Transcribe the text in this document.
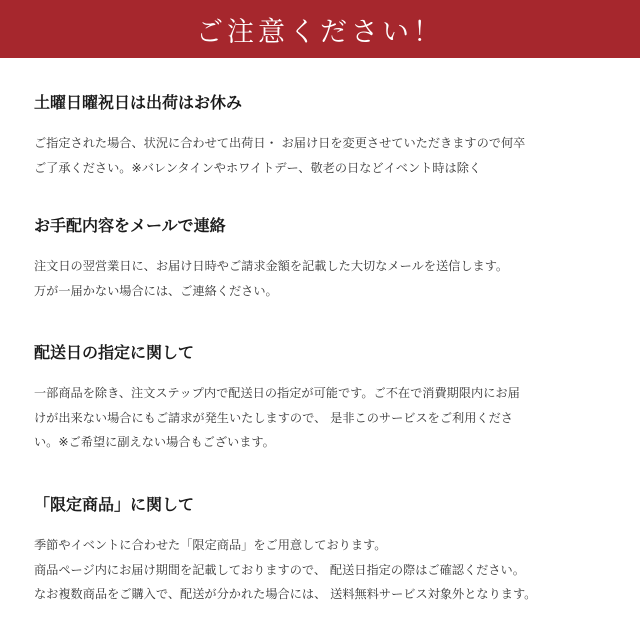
ご注意ください！
土曜日曜祝日は出荷はお休み
ご指定された場合、状況に合わせて出荷日・ お届け日を変更させていただきますので何卒
ご了承ください。※バレンタインやホワイトデー、敬老の日などイベント時は除く
お手配内容をメールで連絡
注文日の翌営業日に、お届け日時やご請求金額を記載した大切なメールを送信します。
万が一届かない場合には、ご連絡ください。
配送日の指定に関して
一部商品を除き、注文ステップ内で配送日の指定が可能です。ご不在で消費期限内にお届
けが出来ない場合にもご請求が発生いたしますので、 是非このサービスをご利用くださ
い。※ご希望に副えない場合もございます。
「限定商品」に関して
季節やイベントに合わせた「限定商品」をご用意しております。
商品ページ内にお届け期間を記載しておりますので、 配送日指定の際はご確認ください。
なお複数商品をご購入で、配送が分かれた場合には、 送料無料サービス対象外となります。
